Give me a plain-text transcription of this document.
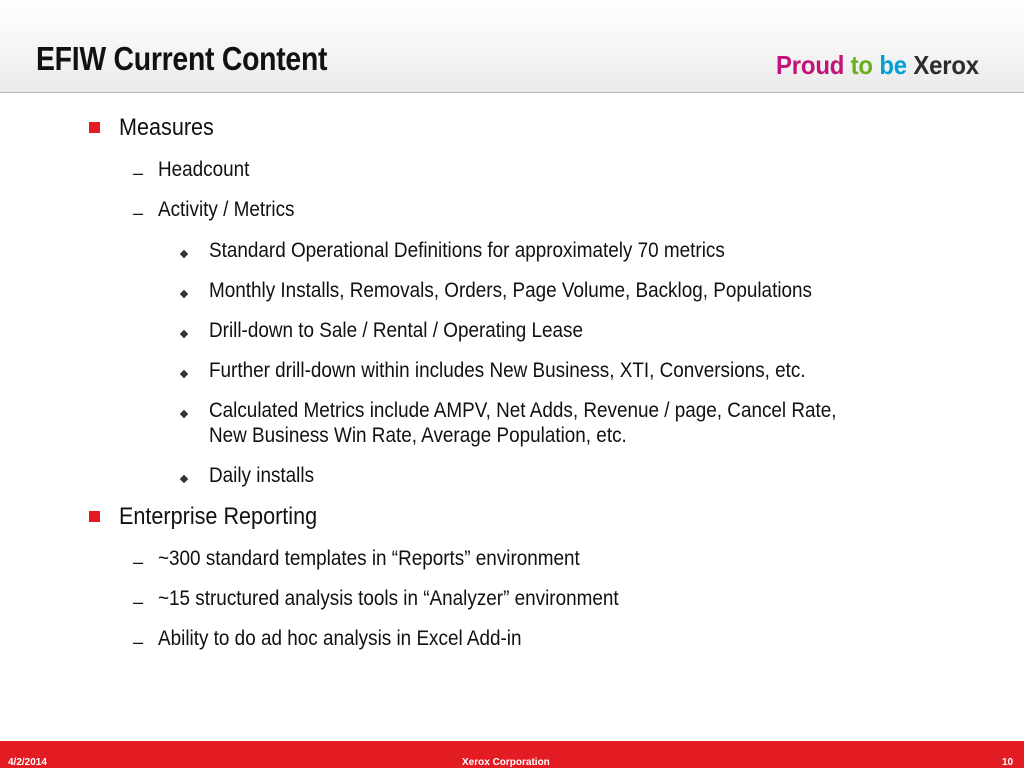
EFIW Current Content	Proud to be Xerox
Measures
– Headcount
– Activity / Metrics
Standard Operational Definitions for approximately 70 metrics
Monthly Installs, Removals, Orders, Page Volume, Backlog, Populations
Drill-down to Sale / Rental / Operating Lease
Further drill-down within includes New Business, XTI, Conversions, etc.
Calculated Metrics include AMPV, Net Adds, Revenue / page, Cancel Rate,
New Business Win Rate, Average Population, etc.
Daily installs
Enterprise Reporting
– ~300 standard templates in “Reports” environment
– ~15 structured analysis tools in “Analyzer” environment
– Ability to do ad hoc analysis in Excel Add-in
4/2/2014	Xerox Corporation	10
